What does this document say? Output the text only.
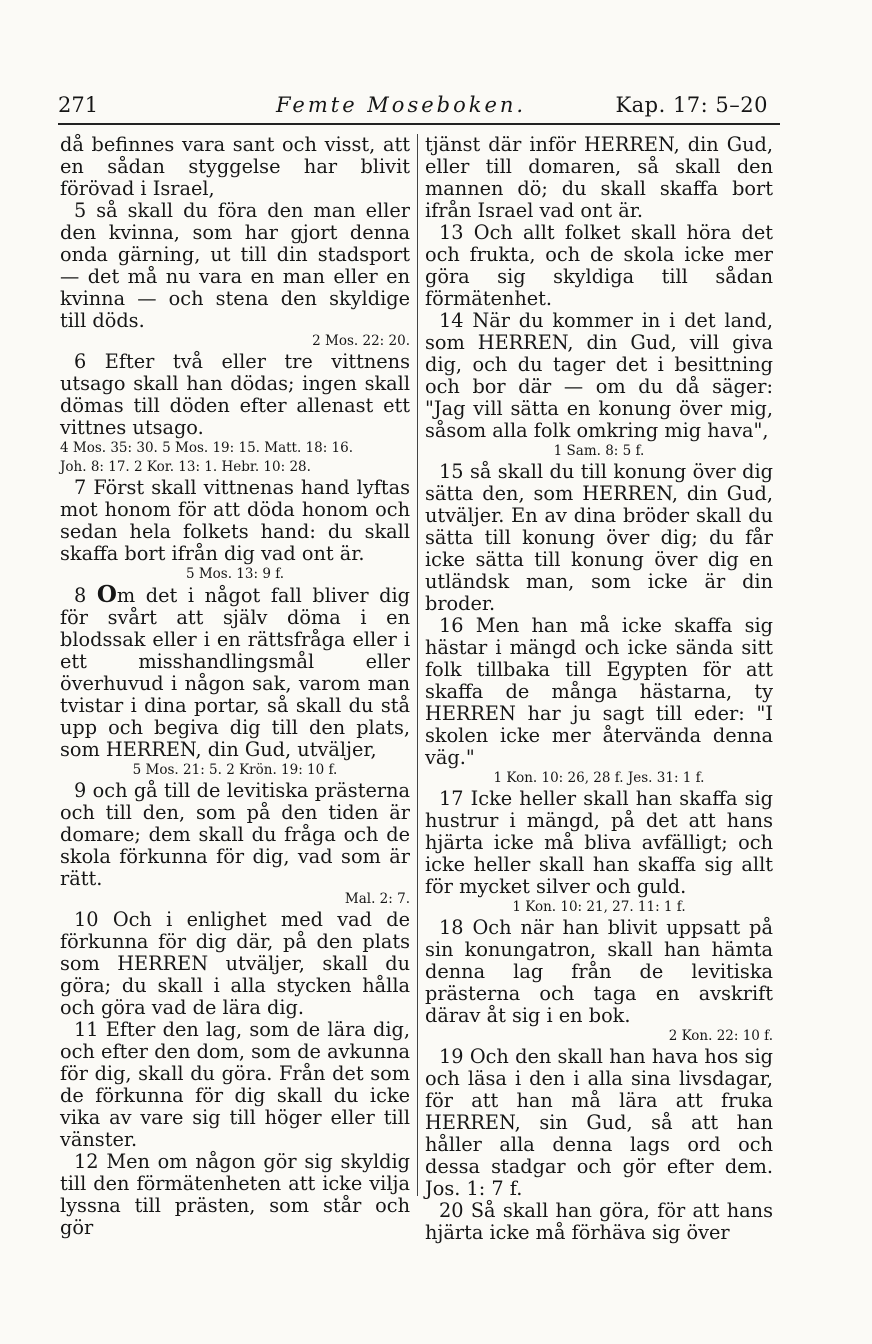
271	Femte Moseboken.	Kap. 17: 5–20

då befinnes vara sant och visst, att en sådan styggelse har blivit förövad i Israel,

5 så skall du föra den man eller den kvinna, som har gjort denna onda gärning, ut till din stadsport — det må nu vara en man eller en kvinna — och stena den skyldige till döds.

2 Mos. 22: 20.

6 Efter två eller tre vittnens utsago skall han dödas; ingen skall dömas till döden efter allenast ett vittnes utsago.

4 Mos. 35: 30. 5 Mos. 19: 15. Matt. 18: 16.
Joh. 8: 17. 2 Kor. 13: 1. Hebr. 10: 28.

7 Först skall vittnenas hand lyftas mot honom för att döda honom och sedan hela folkets hand: du skall skaffa bort ifrån dig vad ont är.

5 Mos. 13: 9 f.

8 Om det i något fall bliver dig för svårt att själv döma i en blodssak eller i en rättsfråga eller i ett misshandlingsmål eller överhuvud i någon sak, varom man tvistar i dina portar, så skall du stå upp och begiva dig till den plats, som HERREN, din Gud, utväljer,

5 Mos. 21: 5. 2 Krön. 19: 10 f.

9 och gå till de levitiska prästerna och till den, som på den tiden är domare; dem skall du fråga och de skola förkunna för dig, vad som är rätt.

Mal. 2: 7.

10 Och i enlighet med vad de förkunna för dig där, på den plats som HERREN utväljer, skall du göra; du skall i alla stycken hålla och göra vad de lära dig.

11 Efter den lag, som de lära dig, och efter den dom, som de avkunna för dig, skall du göra. Från det som de förkunna för dig skall du icke vika av vare sig till höger eller till vänster.

12 Men om någon gör sig skyldig till den förmätenheten att icke vilja lyssna till prästen, som står och gör

tjänst där inför HERREN, din Gud, eller till domaren, så skall den mannen dö; du skall skaffa bort ifrån Israel vad ont är.

13 Och allt folket skall höra det och frukta, och de skola icke mer göra sig skyldiga till sådan förmätenhet.

14 När du kommer in i det land, som HERREN, din Gud, vill giva dig, och du tager det i besittning och bor där — om du då säger: "Jag vill sätta en konung över mig, såsom alla folk omkring mig hava",

1 Sam. 8: 5 f.

15 så skall du till konung över dig sätta den, som HERREN, din Gud, utväljer. En av dina bröder skall du sätta till konung över dig; du får icke sätta till konung över dig en utländsk man, som icke är din broder.

16 Men han må icke skaffa sig hästar i mängd och icke sända sitt folk tillbaka till Egypten för att skaffa de många hästarna, ty HERREN har ju sagt till eder: "I skolen icke mer återvända denna väg."

1 Kon. 10: 26, 28 f. Jes. 31: 1 f.

17 Icke heller skall han skaffa sig hustrur i mängd, på det att hans hjärta icke må bliva avfälligt; och icke heller skall han skaffa sig allt för mycket silver och guld.

1 Kon. 10: 21, 27. 11: 1 f.

18 Och när han blivit uppsatt på sin konungatron, skall han hämta denna lag från de levitiska prästerna och taga en avskrift därav åt sig i en bok.

2 Kon. 22: 10 f.

19 Och den skall han hava hos sig och läsa i den i alla sina livsdagar, för att han må lära att fruka HERREN, sin Gud, så att han håller alla denna lags ord och dessa stadgar och gör efter dem. Jos. 1: 7 f.

20 Så skall han göra, för att hans hjärta icke må förhäva sig över
